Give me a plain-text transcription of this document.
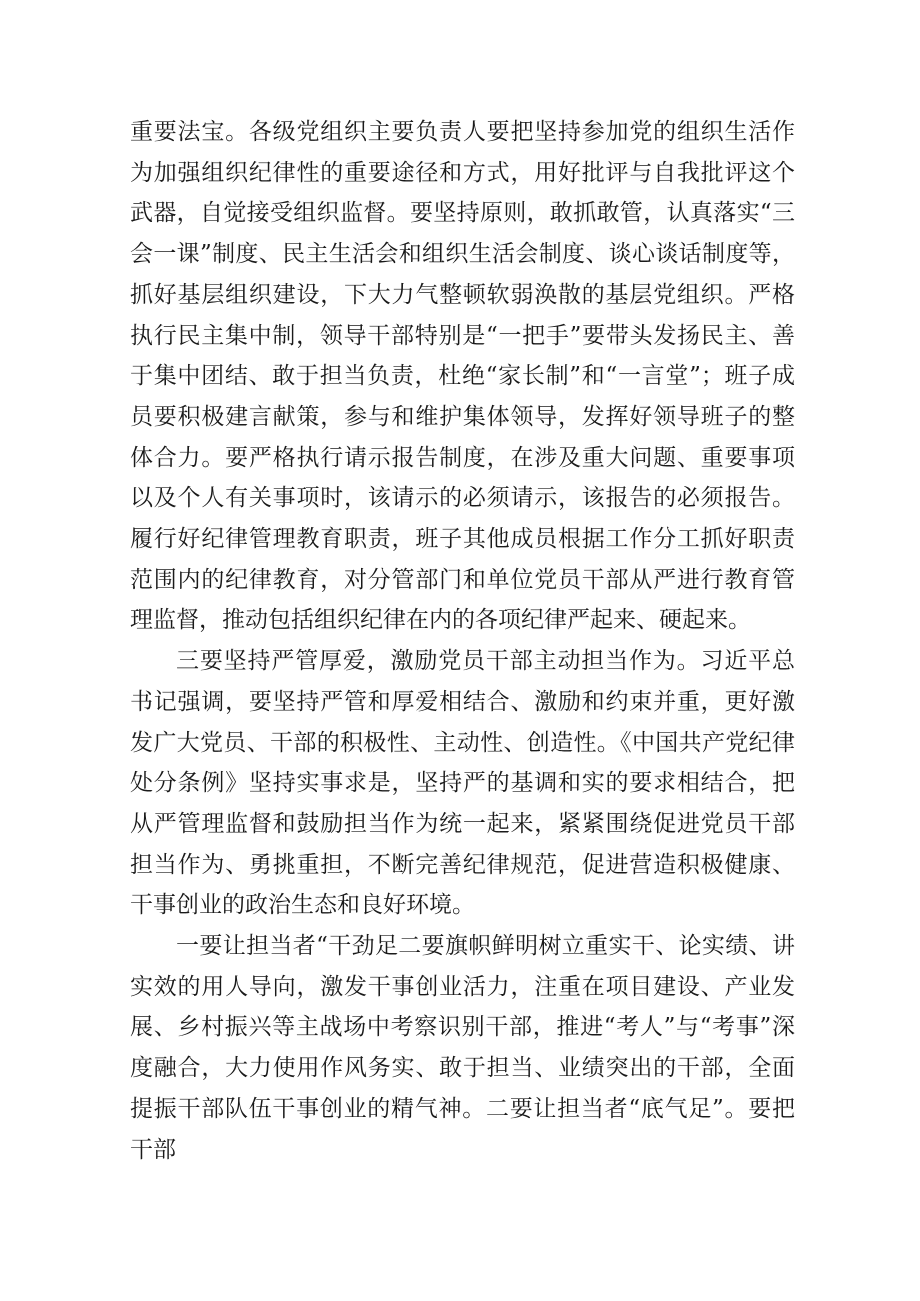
重要法宝。各级党组织主要负责人要把坚持参加党的组织生活作为加强组织纪律性的重要途径和方式，用好批评与自我批评这个武器，自觉接受组织监督。要坚持原则，敢抓敢管，认真落实“三会一课”制度、民主生活会和组织生活会制度、谈心谈话制度等，抓好基层组织建设，下大力气整顿软弱涣散的基层党组织。严格执行民主集中制，领导干部特别是“一把手”要带头发扬民主、善于集中团结、敢于担当负责，杜绝“家长制”和“一言堂”；班子成员要积极建言献策，参与和维护集体领导，发挥好领导班子的整体合力。要严格执行请示报告制度，在涉及重大问题、重要事项以及个人有关事项时，该请示的必须请示，该报告的必须报告。履行好纪律管理教育职责，班子其他成员根据工作分工抓好职责范围内的纪律教育，对分管部门和单位党员干部从严进行教育管理监督，推动包括组织纪律在内的各项纪律严起来、硬起来。

三要坚持严管厚爱，激励党员干部主动担当作为。习近平总书记强调，要坚持严管和厚爱相结合、激励和约束并重，更好激发广大党员、干部的积极性、主动性、创造性。《中国共产党纪律处分条例》坚持实事求是，坚持严的基调和实的要求相结合，把从严管理监督和鼓励担当作为统一起来，紧紧围绕促进党员干部担当作为、勇挑重担，不断完善纪律规范，促进营造积极健康、干事创业的政治生态和良好环境。

一要让担当者“干劲足二要旗帜鲜明树立重实干、论实绩、讲实效的用人导向，激发干事创业活力，注重在项目建设、产业发展、乡村振兴等主战场中考察识别干部，推进“考人”与“考事”深度融合，大力使用作风务实、敢于担当、业绩突出的干部，全面提振干部队伍干事创业的精气神。二要让担当者“底气足”。要把干部
